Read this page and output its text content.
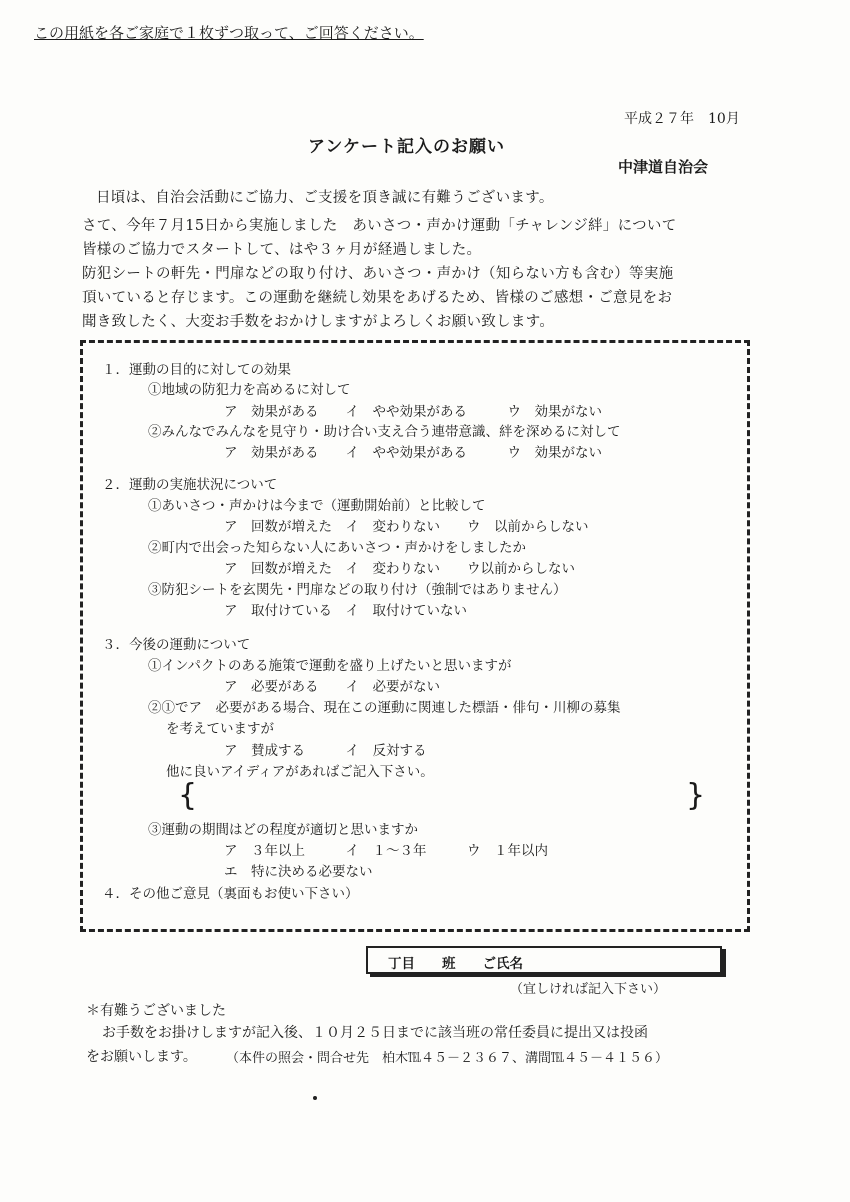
この用紙を各ご家庭で１枚ずつ取って、ご回答ください。
平成２７年　10月
アンケート記入のお願い
中津道自治会
日頃は、自治会活動にご協力、ご支援を頂き誠に有難うございます。
さて、今年７月15日から実施しました　あいさつ・声かけ運動「チャレンジ絆」について
皆様のご協力でスタートして、はや３ヶ月が経過しました。
防犯シートの軒先・門扉などの取り付け、あいさつ・声かけ（知らない方も含む）等実施
頂いていると存じます。この運動を継続し効果をあげるため、皆様のご感想・ご意見をお
聞き致したく、大変お手数をおかけしますがよろしくお願い致します。
１．運動の目的に対しての効果
①地域の防犯力を高めるに対して
ア　効果がある　　イ　やや効果がある　　　ウ　効果がない
②みんなでみんなを見守り・助け合い支え合う連帯意識、絆を深めるに対して
ア　効果がある　　イ　やや効果がある　　　ウ　効果がない
２．運動の実施状況について
①あいさつ・声かけは今まで（運動開始前）と比較して
ア　回数が増えた　イ　変わりない　　ウ　以前からしない
②町内で出会った知らない人にあいさつ・声かけをしましたか
ア　回数が増えた　イ　変わりない　　ウ以前からしない
③防犯シートを玄関先・門扉などの取り付け（強制ではありません）
ア　取付けている　イ　取付けていない
３．今後の運動について
①インパクトのある施策で運動を盛り上げたいと思いますが
ア　必要がある　　イ　必要がない
②①でア　必要がある場合、現在この運動に関連した標語・俳句・川柳の募集
を考えていますが
ア　賛成する　　　イ　反対する
他に良いアイディアがあればご記入下さい。
{	}
③運動の期間はどの程度が適切と思いますか
ア　３年以上　　　イ　１～３年　　　ウ　１年以内
エ　特に決める必要ない
４．その他ご意見（裏面もお使い下さい）
丁目　　班　　ご氏名
（宜しければ記入下さい）
＊有難うございました
お手数をお掛けしますが記入後、１０月２５日までに該当班の常任委員に提出又は投函
をお願いします。 （本件の照会・問合せ先　柏木℡４５－２３６７、溝間℡４５－４１５６）
